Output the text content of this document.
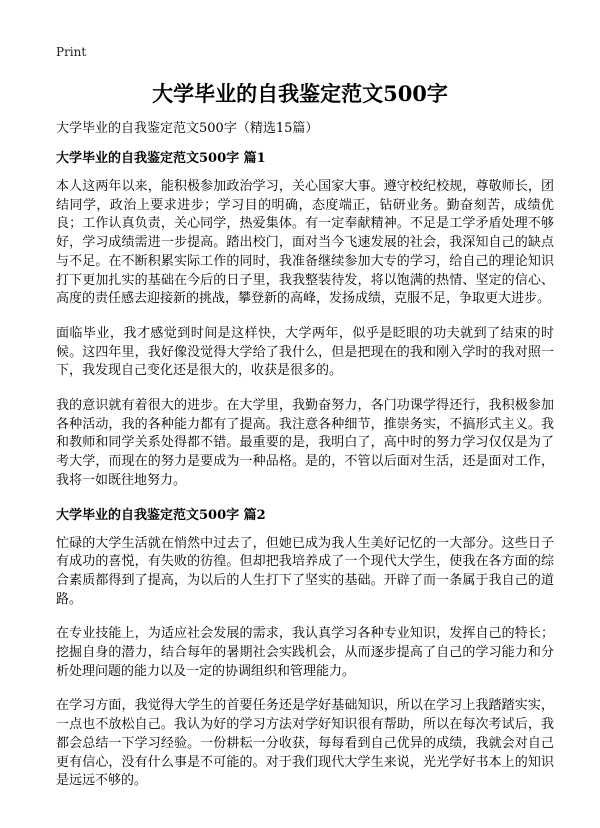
Print
大学毕业的自我鉴定范文500字
大学毕业的自我鉴定范文500字（精选15篇）
大学毕业的自我鉴定范文500字 篇1

本人这两年以来，能积极参加政治学习，关心国家大事。遵守校纪校规，尊敬师长，团结同学，政治上要求进步；学习目的明确，态度端正，钻研业务。勤奋刻苦，成绩优良；工作认真负责，关心同学，热爱集体。有一定奉献精神。不足是工学矛盾处理不够好，学习成绩需进一步提高。踏出校门，面对当今飞速发展的社会，我深知自己的缺点与不足。在不断积累实际工作的同时，我准备继续参加大专的学习，给自己的理论知识打下更加扎实的基础在今后的日子里，我我整装待发，将以饱满的热情、坚定的信心、高度的责任感去迎接新的挑战，攀登新的高峰，发扬成绩，克服不足，争取更大进步。

面临毕业，我才感觉到时间是这样快，大学两年，似乎是眨眼的功夫就到了结束的时候。这四年里，我好像没觉得大学给了我什么，但是把现在的我和刚入学时的我对照一下，我发现自己变化还是很大的，收获是很多的。

我的意识就有着很大的进步。在大学里，我勤奋努力，各门功课学得还行，我积极参加各种活动，我的各种能力都有了提高。我注意各种细节，推崇务实，不搞形式主义。我和教师和同学关系处得都不错。最重要的是，我明白了，高中时的努力学习仅仅是为了考大学，而现在的努力是要成为一种品格。是的，不管以后面对生活，还是面对工作，我将一如既往地努力。

大学毕业的自我鉴定范文500字 篇2

忙碌的大学生活就在悄然中过去了，但她已成为我人生美好记忆的一大部分。这些日子有成功的喜悦，有失败的彷徨。但却把我培养成了一个现代大学生，使我在各方面的综合素质都得到了提高，为以后的人生打下了坚实的基础。开辟了而一条属于我自己的道路。

在专业技能上，为适应社会发展的需求，我认真学习各种专业知识，发挥自己的特长；挖掘自身的潜力，结合每年的暑期社会实践机会，从而逐步提高了自己的学习能力和分析处理问题的能力以及一定的协调组织和管理能力。

在学习方面，我觉得大学生的首要任务还是学好基础知识，所以在学习上我踏踏实实，一点也不放松自己。我认为好的学习方法对学好知识很有帮助，所以在每次考试后，我都会总结一下学习经验。一份耕耘一分收获，每每看到自己优异的成绩，我就会对自己更有信心，没有什么事是不可能的。对于我们现代大学生来说，光光学好书本上的知识是远远不够的。
